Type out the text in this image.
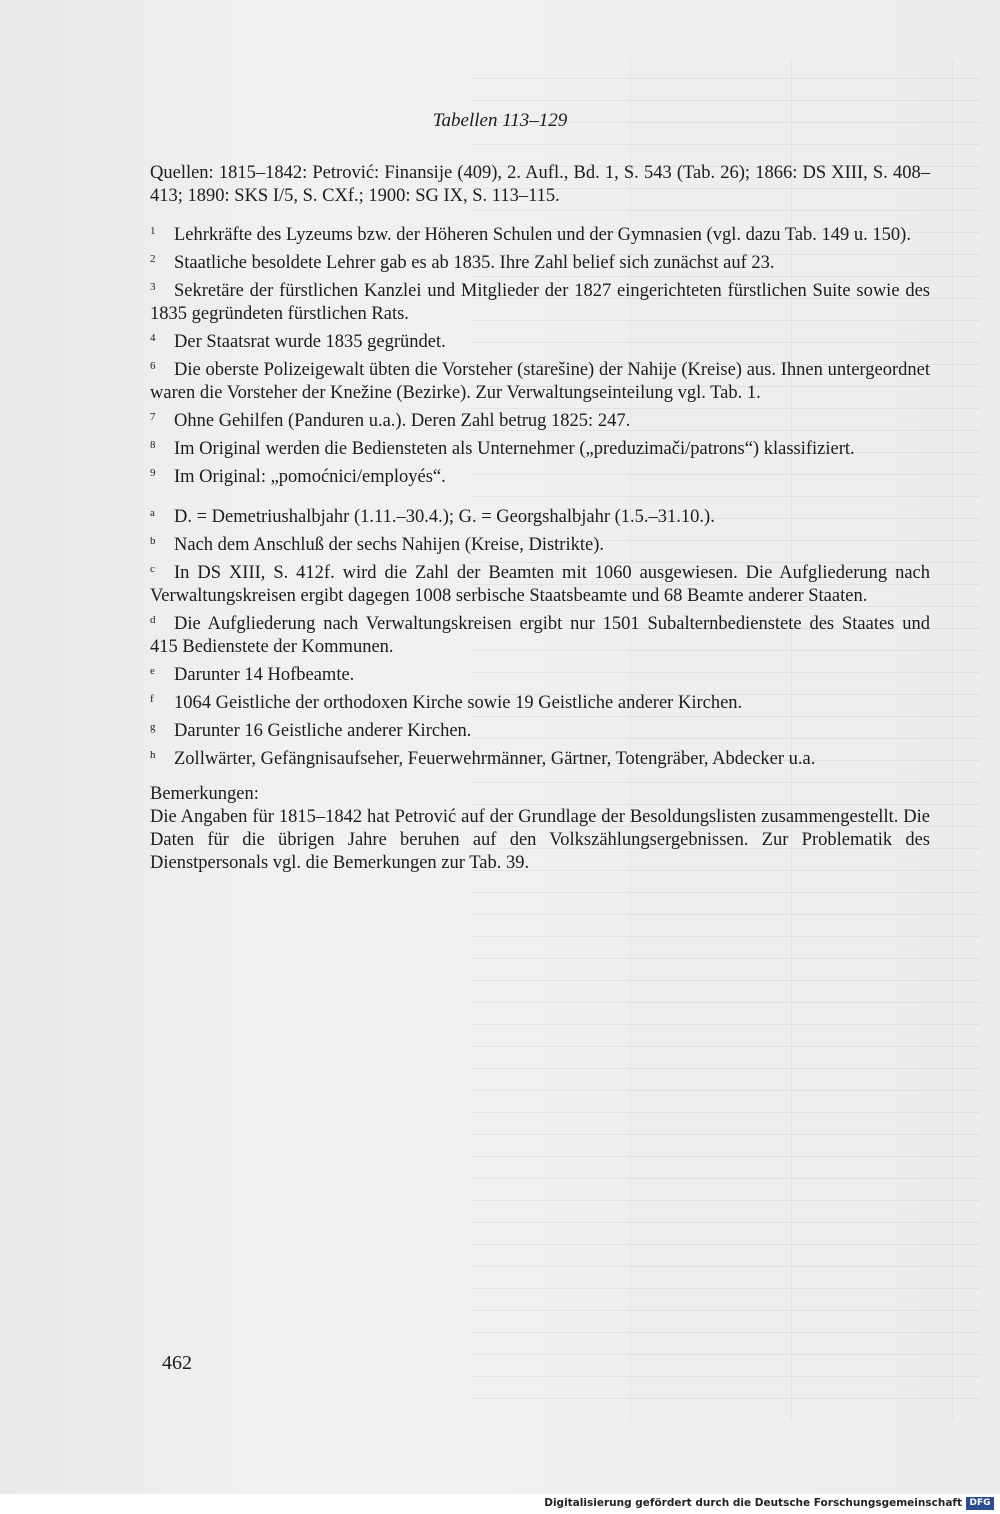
Tabellen 113–129

Quellen: 1815–1842: Petrović: Finansije (409), 2. Aufl., Bd. 1, S. 543 (Tab. 26); 1866: DS XIII, S. 408–413; 1890: SKS I/5, S. CXf.; 1900: SG IX, S. 113–115.

1 Lehrkräfte des Lyzeums bzw. der Höheren Schulen und der Gymnasien (vgl. dazu Tab. 149 u. 150).

2 Staatliche besoldete Lehrer gab es ab 1835. Ihre Zahl belief sich zunächst auf 23.

3 Sekretäre der fürstlichen Kanzlei und Mitglieder der 1827 eingerichteten fürstlichen Suite sowie des 1835 gegründeten fürstlichen Rats.

4 Der Staatsrat wurde 1835 gegründet.

6 Die oberste Polizeigewalt übten die Vorsteher (starešine) der Nahije (Kreise) aus. Ihnen untergeordnet waren die Vorsteher der Knežine (Bezirke). Zur Verwaltungseinteilung vgl. Tab. 1.

7 Ohne Gehilfen (Panduren u.a.). Deren Zahl betrug 1825: 247.

8 Im Original werden die Bediensteten als Unternehmer („preduzimači/patrons“) klassifiziert.

9 Im Original: „pomoćnici/employés“.

a D. = Demetriushalbjahr (1.11.–30.4.); G. = Georgshalbjahr (1.5.–31.10.).

b Nach dem Anschluß der sechs Nahijen (Kreise, Distrikte).

c In DS XIII, S. 412f. wird die Zahl der Beamten mit 1060 ausgewiesen. Die Aufgliederung nach Verwaltungskreisen ergibt dagegen 1008 serbische Staatsbeamte und 68 Beamte anderer Staaten.

d Die Aufgliederung nach Verwaltungskreisen ergibt nur 1501 Subalternbedienstete des Staates und 415 Bedienstete der Kommunen.

e Darunter 14 Hofbeamte.

f 1064 Geistliche der orthodoxen Kirche sowie 19 Geistliche anderer Kirchen.

g Darunter 16 Geistliche anderer Kirchen.

h Zollwärter, Gefängnisaufseher, Feuerwehrmänner, Gärtner, Totengräber, Abdecker u.a.

Bemerkungen:

Die Angaben für 1815–1842 hat Petrović auf der Grundlage der Besoldungslisten zusammengestellt. Die Daten für die übrigen Jahre beruhen auf den Volkszählungsergebnissen. Zur Problematik des Dienstpersonals vgl. die Bemerkungen zur Tab. 39.

462
Digitalisierung gefördert durch die Deutsche Forschungsgemeinschaft DFG
